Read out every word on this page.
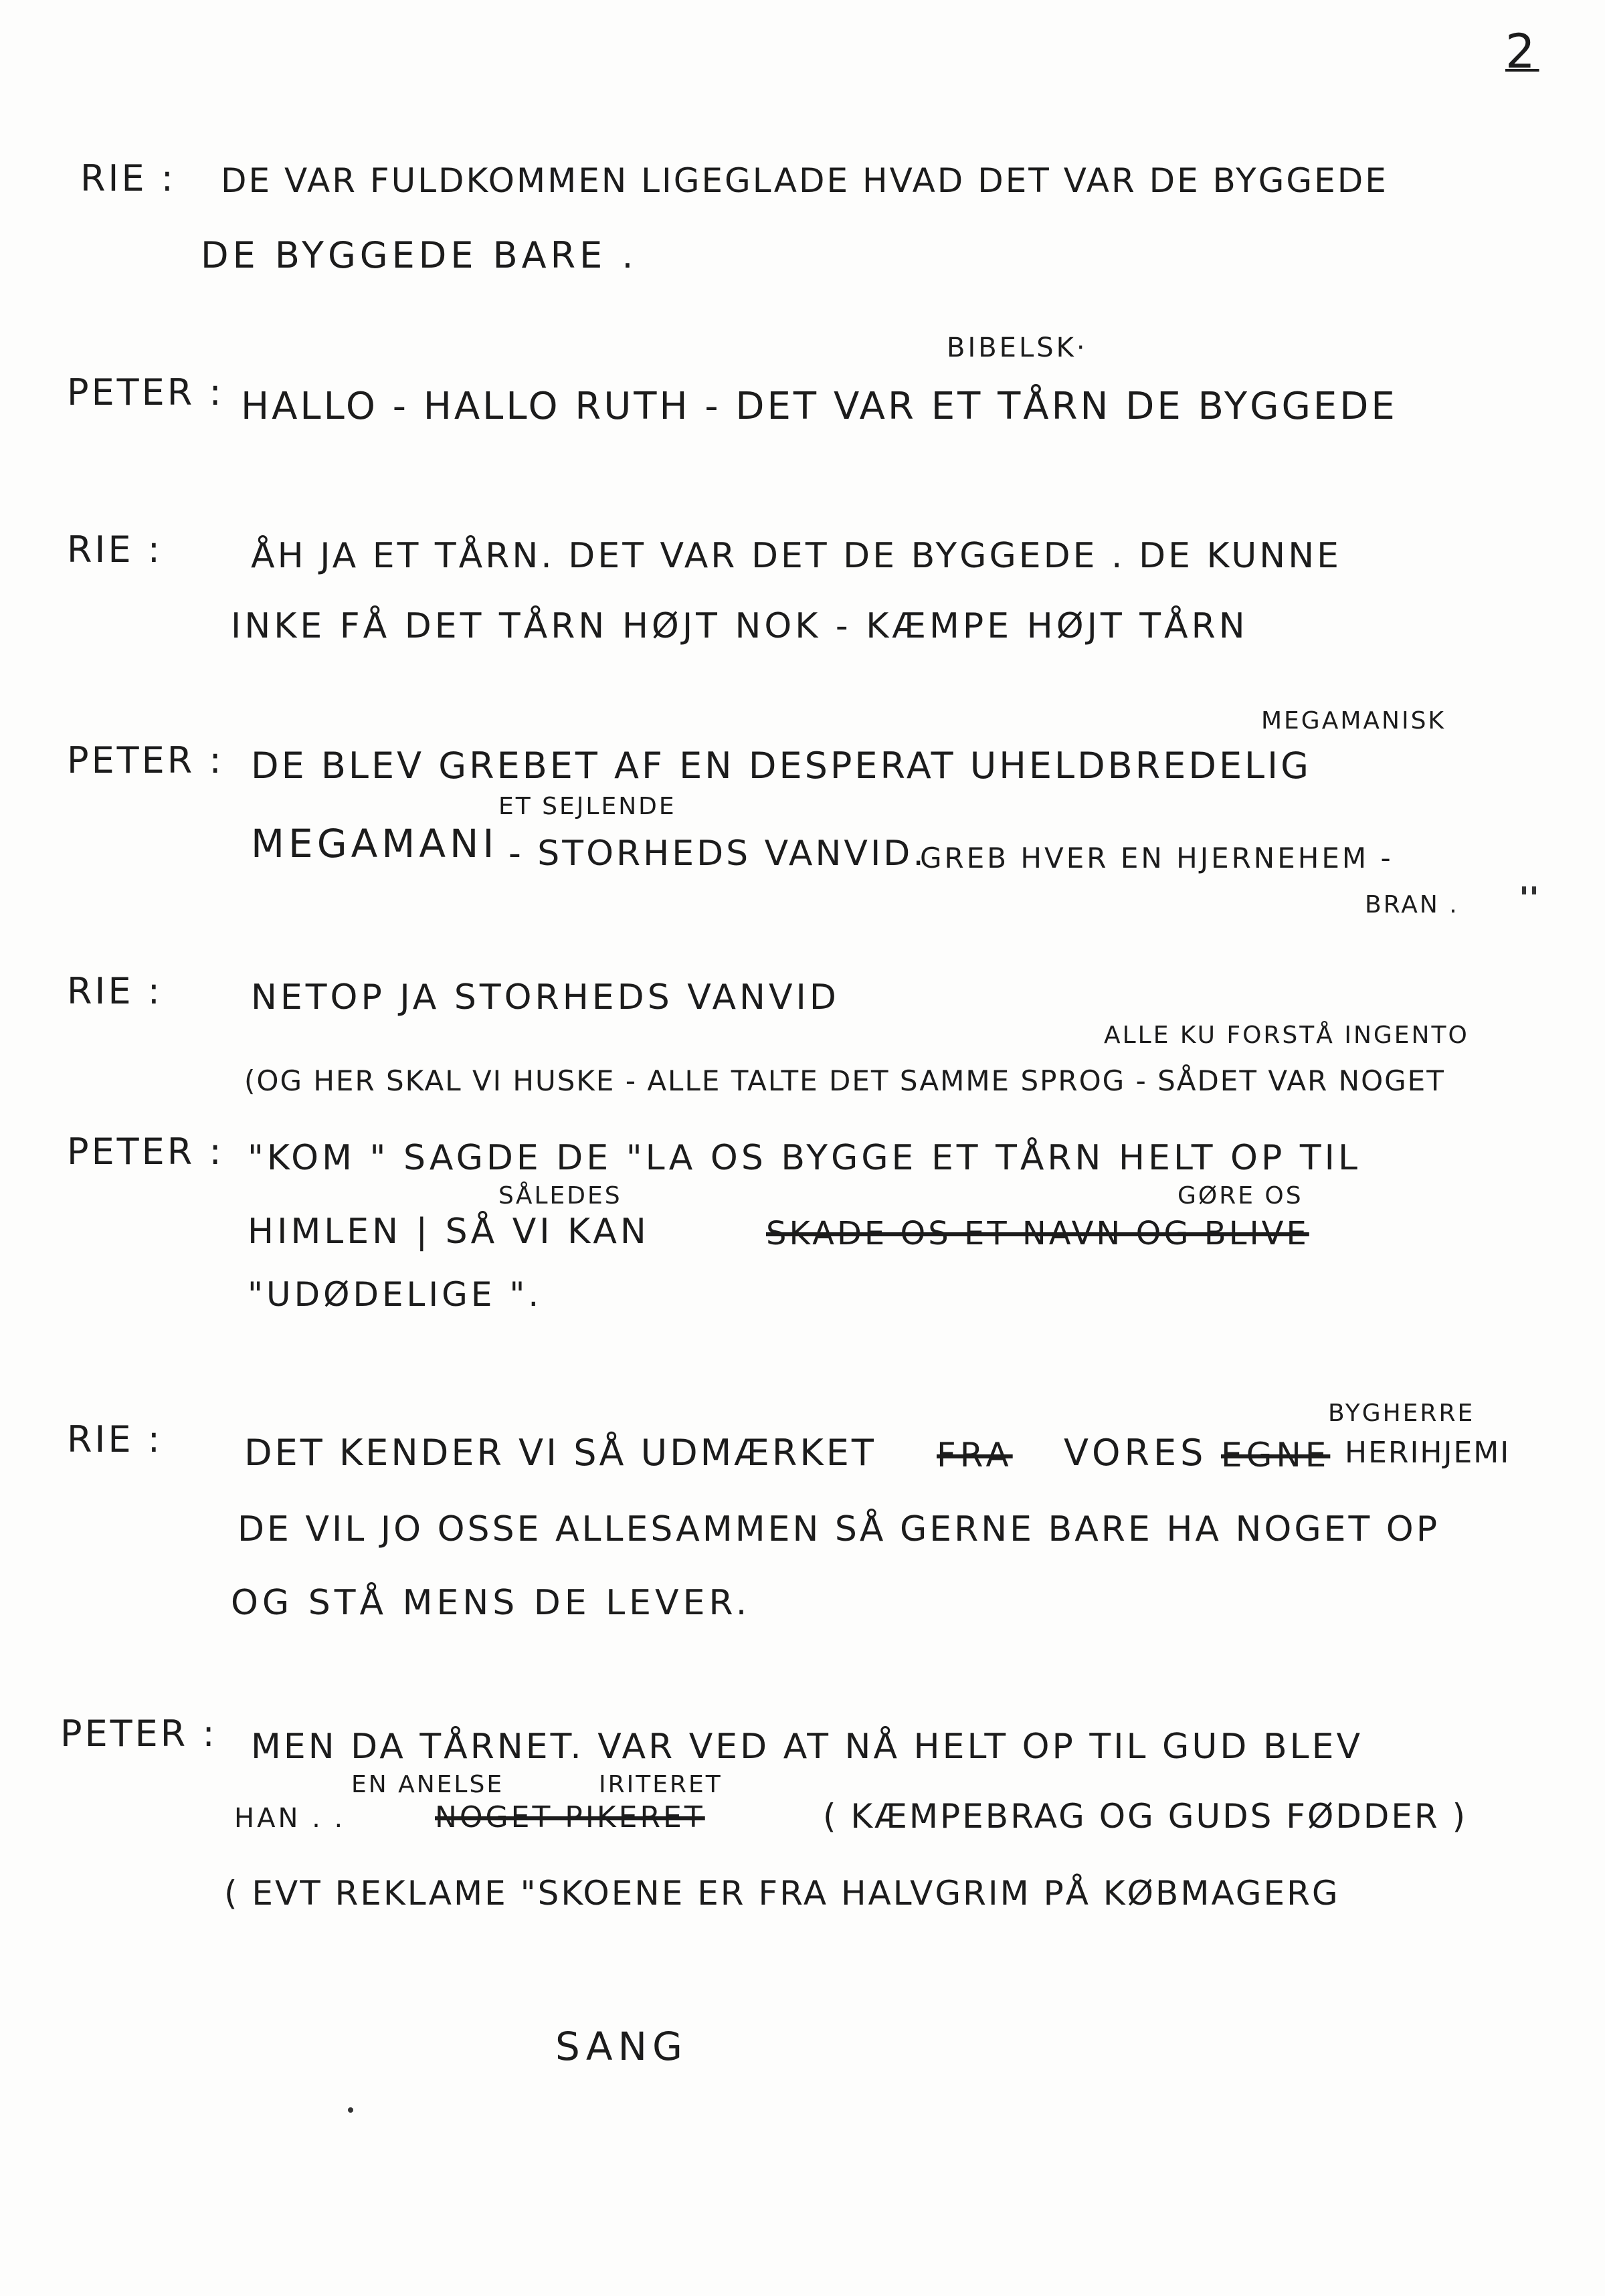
2
RIE : DE VAR FULDKOMMEN LIGEGLADE HVAD DET VAR DE BYGGEDE
DE BYGGEDE BARE .
BIBELSK·
PETER : HALLO - HALLO RUTH - DET VAR ET TÅRN DE BYGGEDE
RIE :	ÅH JA ET TÅRN. DET VAR DET DE BYGGEDE . DE KUNNE
INKE FÅ DET TÅRN HØJT NOK - KÆMPE HØJT TÅRN
MEGAMANISK
PETER : DE BLEV GREBET AF EN DESPERAT UHELDBREDELIG
ET SEJLENDE
MEGAMANI - STORHEDS VANVID.
GREB HVER EN HJERNEHEM -
BRAN .
RIE :	NETOP JA STORHEDS VANVID
ALLE KU FORSTÅ INGENTO
(OG HER SKAL VI HUSKE - ALLE TALTE DET SAMME SPROG - SÅDET VAR NOGET
PETER : "KOM " SAGDE DE "LA OS BYGGE ET TÅRN HELT OP TIL
SÅLEDES	GØRE OS
HIMLEN | SÅ VI KAN	SKADE OS ET NAVN OG BLIVE
"UDØDELIGE ".
BYGHERRE
RIE : DET KENDER VI SÅ UDMÆRKET FRA VORES EGNE HERIHJEMI
DE VIL JO OSSE ALLESAMMEN SÅ GERNE BARE HA NOGET OP
OG STÅ MENS DE LEVER.
PETER : MEN DA TÅRNET. VAR VED AT NÅ HELT OP TIL GUD BLEV
EN ANELSE	IRITERET
HAN . .	NOGET PIKERET	( KÆMPEBRAG OG GUDS FØDDER )
( EVT REKLAME "SKOENE ER FRA HALVGRIM PÅ KØBMAGERG
SANG
